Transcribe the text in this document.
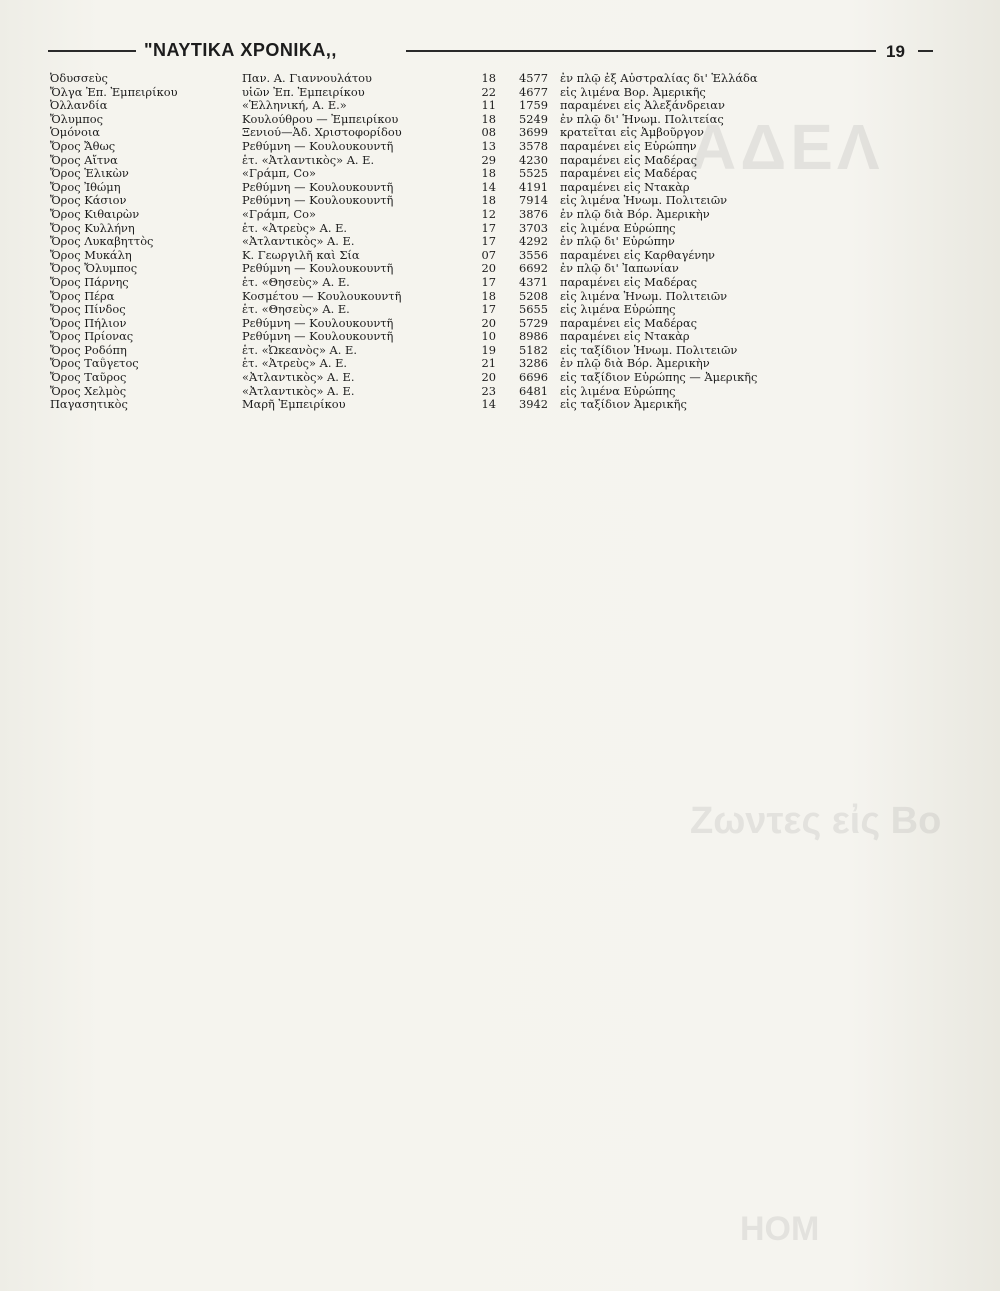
ΑΔΕΛ
Ζωντες εἰς Βο
ΗΟΜ
"ΝΑΥΤΙΚΑ ΧΡΟΝΙΚΑ,,	19
Ὀδυσσεὺς	Παν. Α. Γιαννουλάτου	18	4577 ἐν πλῷ ἐξ Αὐστραλίας δι' Ἑλλάδα
Ὄλγα Ἐπ. Ἐμπειρίκου	υἱῶν Ἐπ. Ἐμπειρίκου	22	4677 εἰς λιμένα Βορ. Ἀμερικῆς
Ὀλλανδία	«Ἑλληνική, Α. Ε.»	11	1759 παραμένει εἰς Ἀλεξάνδρειαν
Ὄλυμπος	Κουλούθρου — Ἐμπειρίκου	18	5249 ἐν πλῷ δι' Ἡνωμ. Πολιτείας
Ὁμόνοια	Ξενιού—Ἀδ. Χριστοφορίδου	08	3699 κρατεῖται εἰς Ἀμβοῦργον
Ὄρος Ἄθως	Ρεθύμνη — Κουλουκουντῆ	13	3578 παραμένει εἰς Εὐρώπην
Ὄρος Αἴτνα	ἑτ. «Ἀτλαντικὸς» Α. Ε.	29	4230 παραμένει εἰς Μαδέρας
Ὄρος Ἑλικὼν	«Γράμπ, Co»	18	5525 παραμένει εἰς Μαδέρας
Ὄρος Ἰθώμη	Ρεθύμνη — Κουλουκουντῆ	14	4191 παραμένει εἰς Ντακὰρ
Ὄρος Κάσιον	Ρεθύμνη — Κουλουκουντῆ	18	7914 εἰς λιμένα Ἡνωμ. Πολιτειῶν
Ὄρος Κιθαιρὼν	«Γράμπ, Co»	12	3876 ἐν πλῷ διὰ Βόρ. Ἀμερικὴν
Ὄρος Κυλλήνη	ἑτ. «Ἀτρεὺς» Α. Ε.	17	3703 εἰς λιμένα Εὐρώπης
Ὄρος Λυκαβηττὸς	«Ἀτλαντικὸς» Α. Ε.	17	4292 ἐν πλῷ δι' Εὐρώπην
Ὄρος Μυκάλη	Κ. Γεωργιλῆ καὶ Σία	07	3556 παραμένει εἰς Καρθαγένην
Ὄρος Ὄλυμπος	Ρεθύμνη — Κουλουκουντῆ	20	6692 ἐν πλῷ δι' Ἰαπωνίαν
Ὄρος Πάρνης	ἑτ. «Θησεὺς» Α. Ε.	17	4371 παραμένει εἰς Μαδέρας
Ὄρος Πέρα	Κοσμέτου — Κουλουκουντῆ	18	5208 εἰς λιμένα Ἡνωμ. Πολιτειῶν
Ὄρος Πίνδος	ἑτ. «Θησεὺς» Α. Ε.	17	5655 εἰς λιμένα Εὐρώπης
Ὄρος Πήλιον	Ρεθύμνη — Κουλουκουντῆ	20	5729 παραμένει εἰς Μαδέρας
Ὄρος Πρίονας	Ρεθύμνη — Κουλουκουντῆ	10	8986 παραμένει εἰς Ντακὰρ
Ὄρος Ροδόπη	ἑτ. «Ὠκεανὸς» Α. Ε.	19	5182 εἰς ταξίδιον Ἡνωμ. Πολιτειῶν
Ὄρος Ταΰγετος	ἑτ. «Ἀτρεὺς» Α. Ε.	21	3286 ἐν πλῷ διὰ Βόρ. Ἀμερικὴν
Ὄρος Ταῦρος	«Ἀτλαντικὸς» Α. Ε.	20	6696 εἰς ταξίδιον Εὐρώπης — Ἀμερικῆς
Ὄρος Χελμὸς	«Ἀτλαντικὸς» Α. Ε.	23	6481 εἰς λιμένα Εὐρώπης
Παγασητικὸς	Μαρῆ Ἐμπειρίκου	14	3942 εἰς ταξίδιον Ἀμερικῆς
